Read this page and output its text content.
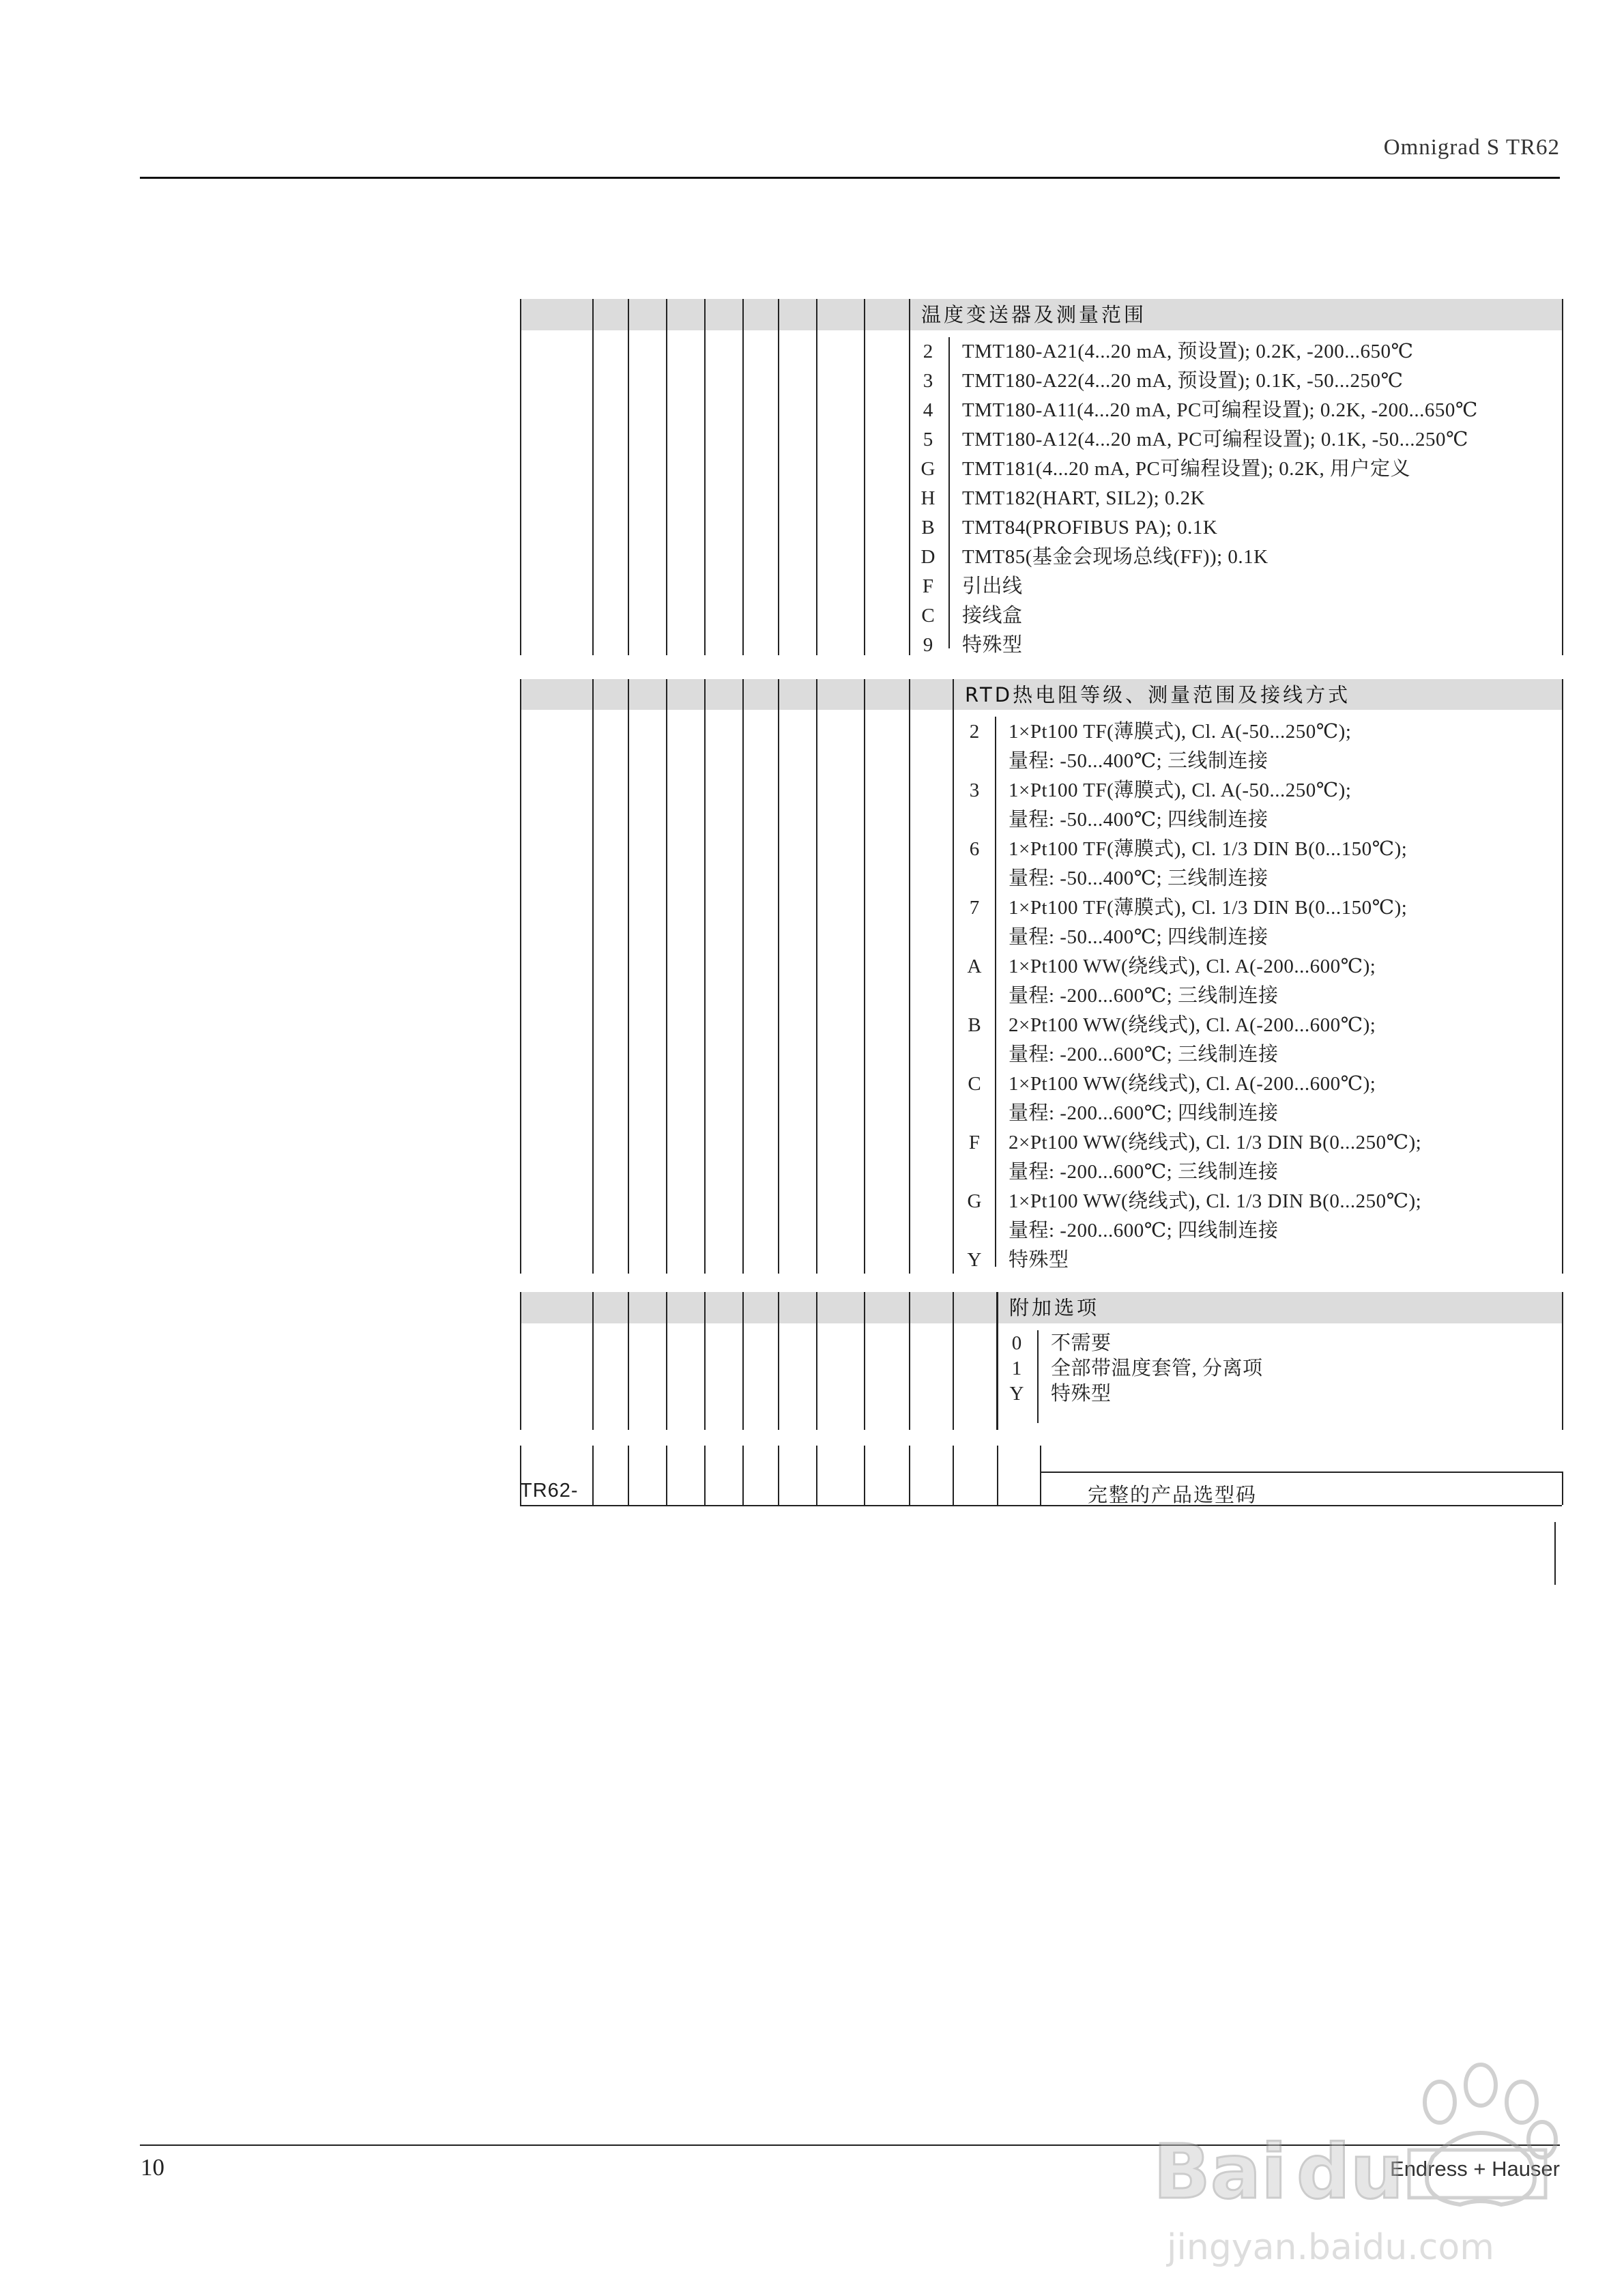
Omnigrad S TR62
温度变送器及测量范围
2	TMT180-A21(4...20 mA, 预设置); 0.2K, -200...650℃
3	TMT180-A22(4...20 mA, 预设置); 0.1K, -50...250℃
4	TMT180-A11(4...20 mA, PC可编程设置); 0.2K, -200...650℃
5	TMT180-A12(4...20 mA, PC可编程设置); 0.1K, -50...250℃
G	TMT181(4...20 mA, PC可编程设置); 0.2K, 用户定义
H	TMT182(HART, SIL2); 0.2K
B	TMT84(PROFIBUS PA); 0.1K
D	TMT85(基金会现场总线(FF)); 0.1K
F	引出线
C	接线盒
9	特殊型
RTD热电阻等级、测量范围及接线方式
2	1×Pt100 TF(薄膜式), Cl. A(-50...250℃);
量程: -50...400℃; 三线制连接
3	1×Pt100 TF(薄膜式), Cl. A(-50...250℃);
量程: -50...400℃; 四线制连接
6	1×Pt100 TF(薄膜式), Cl. 1/3 DIN B(0...150℃);
量程: -50...400℃; 三线制连接
7	1×Pt100 TF(薄膜式), Cl. 1/3 DIN B(0...150℃);
量程: -50...400℃; 四线制连接
A	1×Pt100 WW(绕线式), Cl. A(-200...600℃);
量程: -200...600℃; 三线制连接
B	2×Pt100 WW(绕线式), Cl. A(-200...600℃);
量程: -200...600℃; 三线制连接
C	1×Pt100 WW(绕线式), Cl. A(-200...600℃);
量程: -200...600℃; 四线制连接
F	2×Pt100 WW(绕线式), Cl. 1/3 DIN B(0...250℃);
量程: -200...600℃; 三线制连接
G	1×Pt100 WW(绕线式), Cl. 1/3 DIN B(0...250℃);
量程: -200...600℃; 四线制连接
Y	特殊型
附加选项
0	不需要
1	全部带温度套管, 分离项
Y	特殊型
TR62-	完整的产品选型码
10	Endress + Hauser
Bai du
jingyan.baidu.com
